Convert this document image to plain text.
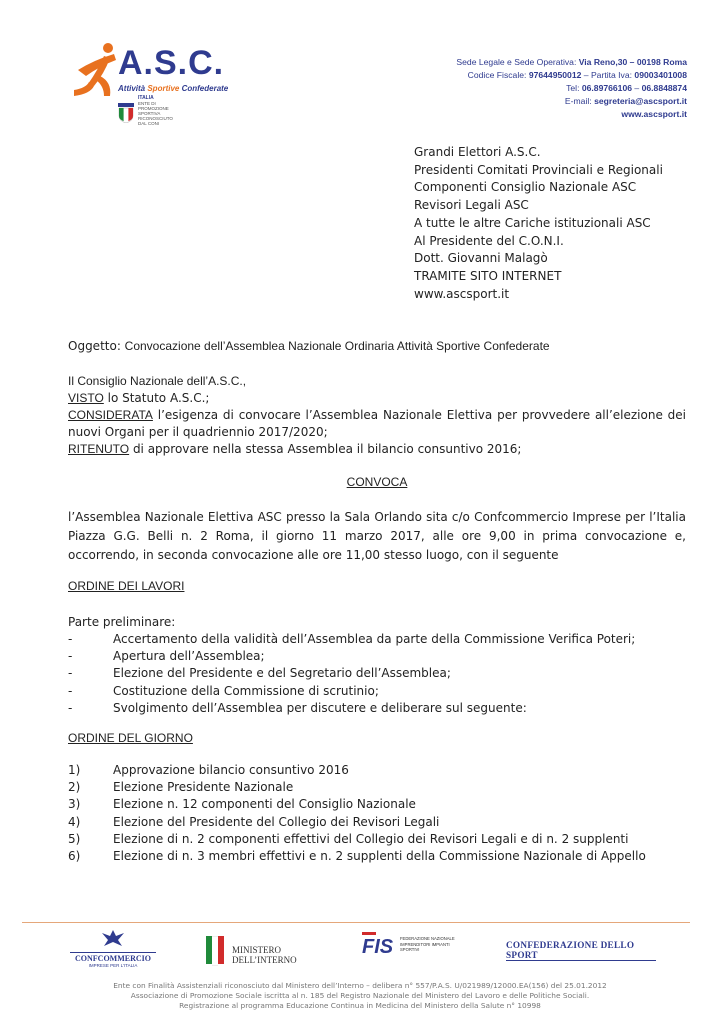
A.S.C.
Attività Sportive Confederate
ITALIA
ENTE DI PROMOZIONE SPORTIVA RICONOSCIUTO DAL CONI
Sede Legale e Sede Operativa: Via Reno,30 – 00198 Roma
Codice Fiscale: 97644950012 – Partita Iva: 09003401008
Tel: 06.89766106 – 06.8848874
E-mail: segreteria@ascsport.it
www.ascsport.it
Grandi Elettori A.S.C.
Presidenti Comitati Provinciali e Regionali
Componenti Consiglio Nazionale ASC
Revisori Legali ASC
A tutte le altre Cariche istituzionali ASC
Al Presidente del C.O.N.I.
Dott. Giovanni Malagò
TRAMITE SITO INTERNET
www.ascsport.it
Oggetto: Convocazione dell’Assemblea Nazionale Ordinaria Attività Sportive Confederate
Il Consiglio Nazionale dell’A.S.C.,
VISTO lo Statuto A.S.C.;
CONSIDERATA l’esigenza di convocare l’Assemblea Nazionale Elettiva per provvedere all’elezione dei nuovi Organi per il quadriennio 2017/2020;
RITENUTO di approvare nella stessa Assemblea il bilancio consuntivo 2016;
CONVOCA
l’Assemblea Nazionale Elettiva ASC presso la Sala Orlando sita c/o Confcommercio Imprese per l’Italia Piazza G.G. Belli n. 2 Roma, il giorno 11 marzo 2017, alle ore 9,00 in prima convocazione e, occorrendo, in seconda convocazione alle ore 11,00 stesso luogo, con il seguente
ORDINE DEI LAVORI
Parte preliminare:
-	Accertamento della validità dell’Assemblea da parte della Commissione Verifica Poteri;
-	Apertura dell’Assemblea;
-	Elezione del Presidente e del Segretario dell’Assemblea;
-	Costituzione della Commissione di scrutinio;
-	Svolgimento dell’Assemblea per discutere e deliberare sul seguente:
ORDINE DEL GIORNO
1)	Approvazione bilancio consuntivo 2016
2)	Elezione Presidente Nazionale
3)	Elezione n. 12 componenti del Consiglio Nazionale
4)	Elezione del Presidente del Collegio dei Revisori Legali
5)	Elezione di n. 2 componenti effettivi del Collegio dei Revisori Legali e di n. 2 supplenti
6)	Elezione di n. 3 membri effettivi e n. 2 supplenti della Commissione Nazionale di Appello
CONFCOMMERCIO
IMPRESE PER L’ITALIA
MINISTERO
DELL’INTERNO
FIS FEDERAZIONE NAZIONALE IMPRENDITORI IMPIANTI SPORTIVI	CONFEDERAZIONE DELLO SPORT
Ente con Finalità Assistenziali riconosciuto dal Ministero dell’Interno – delibera n° 557/P.A.S. U/021989/12000.EA(156) del 25.01.2012
Associazione di Promozione Sociale iscritta al n. 185 del Registro Nazionale del Ministero del Lavoro e delle Politiche Sociali.
Registrazione al programma Educazione Continua in Medicina del Ministero della Salute n° 10998
